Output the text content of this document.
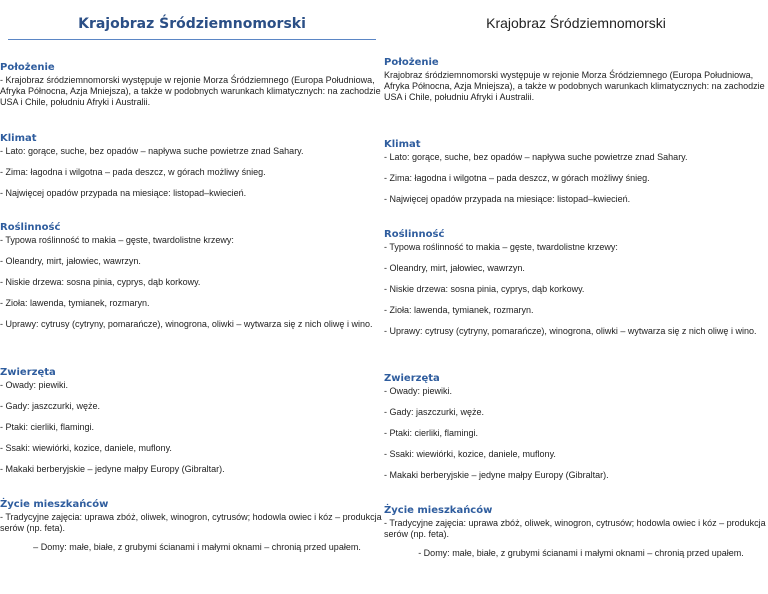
Krajobraz Śródziemnomorski
Położenie
- Krajobraz śródziemnomorski występuje w rejonie Morza Śródziemnego (Europa Południowa, Afryka Północna, Azja Mniejsza), a także w podobnych warunkach klimatycznych: na zachodzie USA i Chile, południu Afryki i Australii.
Klimat
- Lato: gorące, suche, bez opadów – napływa suche powietrze znad Sahary.
- Zima: łagodna i wilgotna – pada deszcz, w górach możliwy śnieg.
- Najwięcej opadów przypada na miesiące: listopad–kwiecień.
Roślinność
- Typowa roślinność to makia – gęste, twardolistne krzewy:
- Oleandry, mirt, jałowiec, wawrzyn.
- Niskie drzewa: sosna pinia, cyprys, dąb korkowy.
- Zioła: lawenda, tymianek, rozmaryn.
- Uprawy: cytrusy (cytryny, pomarańcze), winogrona, oliwki – wytwarza się z nich oliwę i wino.
Zwierzęta
- Owady: piewiki.
- Gady: jaszczurki, węże.
- Ptaki: cierliki, flamingi.
- Ssaki: wiewiórki, kozice, daniele, muflony.
- Makaki berberyjskie – jedyne małpy Europy (Gibraltar).
Życie mieszkańców
- Tradycyjne zajęcia: uprawa zbóż, oliwek, winogron, cytrusów; hodowla owiec i kóz – produkcja serów (np. feta).
– Domy: małe, białe, z grubymi ścianami i małymi oknami – chronią przed upałem.
Krajobraz Śródziemnomorski
Położenie
Krajobraz śródziemnomorski występuje w rejonie Morza Śródziemnego (Europa Południowa, Afryka Północna, Azja Mniejsza), a także w podobnych warunkach klimatycznych: na zachodzie USA i Chile, południu Afryki i Australii.
Klimat
- Lato: gorące, suche, bez opadów – napływa suche powietrze znad Sahary.
- Zima: łagodna i wilgotna – pada deszcz, w górach możliwy śnieg.
- Najwięcej opadów przypada na miesiące: listopad–kwiecień.
Roślinność
- Typowa roślinność to makia – gęste, twardolistne krzewy:
- Oleandry, mirt, jałowiec, wawrzyn.
- Niskie drzewa: sosna pinia, cyprys, dąb korkowy.
- Zioła: lawenda, tymianek, rozmaryn.
- Uprawy: cytrusy (cytryny, pomarańcze), winogrona, oliwki – wytwarza się z nich oliwę i wino.
Zwierzęta
- Owady: piewiki.
- Gady: jaszczurki, węże.
- Ptaki: cierliki, flamingi.
- Ssaki: wiewiórki, kozice, daniele, muflony.
- Makaki berberyjskie – jedyne małpy Europy (Gibraltar).
Życie mieszkańców
- Tradycyjne zajęcia: uprawa zbóż, oliwek, winogron, cytrusów; hodowla owiec i kóz – produkcja serów (np. feta).
- Domy: małe, białe, z grubymi ścianami i małymi oknami – chronią przed upałem.
